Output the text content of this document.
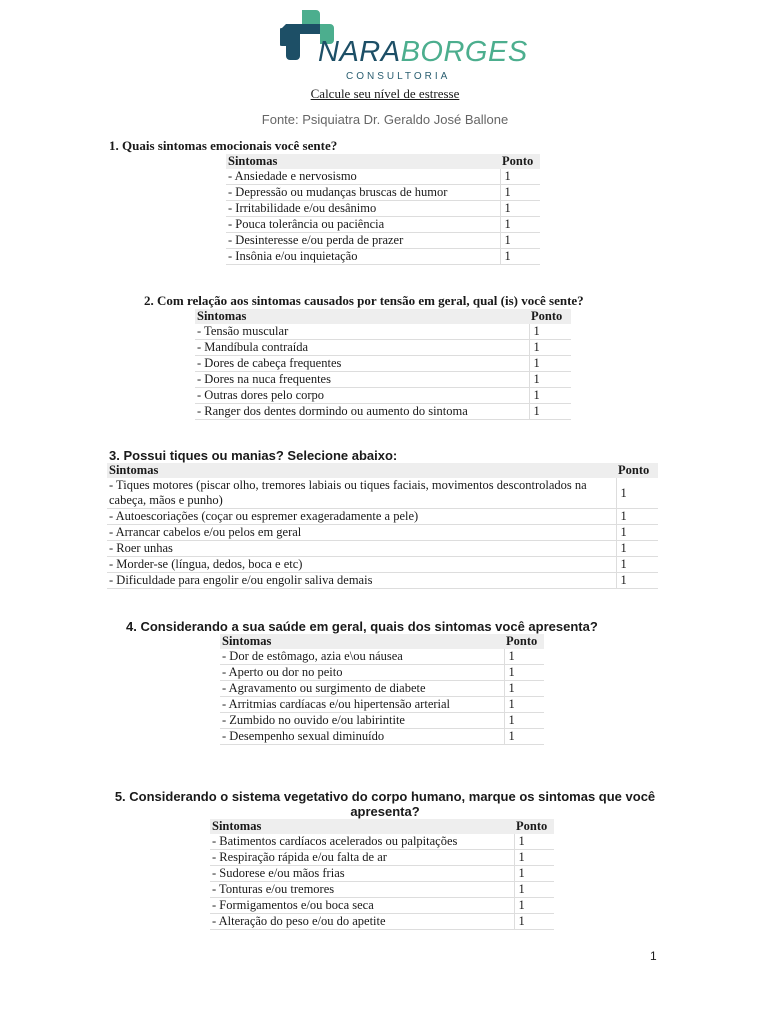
NARABORGES
CONSULTORIA
Calcule seu nível de estresse
Fonte: Psiquiatra Dr. Geraldo José Ballone
1. Quais sintomas emocionais você sente?
Sintomas	Ponto
- Ansiedade e nervosismo	1
- Depressão ou mudanças bruscas de humor	1
- Irritabilidade e/ou desânimo	1
- Pouca tolerância ou paciência	1
- Desinteresse e/ou perda de prazer	1
- Insônia e/ou inquietação	1
2. Com relação aos sintomas causados por tensão em geral, qual (is) você sente?
Sintomas	Ponto
- Tensão muscular	1
- Mandíbula contraída	1
- Dores de cabeça frequentes	1
- Dores na nuca frequentes	1
- Outras dores pelo corpo	1
- Ranger dos dentes dormindo ou aumento do sintoma	1
3. Possui tiques ou manias? Selecione abaixo:
Sintomas	Ponto
- Tiques motores (piscar olho, tremores labiais ou tiques faciais, movimentos descontrolados na cabeça, mãos e punho)	1
- Autoescoriações (coçar ou espremer exageradamente a pele)	1
- Arrancar cabelos e/ou pelos em geral	1
- Roer unhas	1
- Morder-se (língua, dedos, boca e etc)	1
- Dificuldade para engolir e/ou engolir saliva demais	1
4. Considerando a sua saúde em geral, quais dos sintomas você apresenta?
Sintomas	Ponto
- Dor de estômago, azia e\ou náusea	1
- Aperto ou dor no peito	1
- Agravamento ou surgimento de diabete	1
- Arritmias cardíacas e/ou hipertensão arterial	1
- Zumbido no ouvido e/ou labirintite	1
- Desempenho sexual diminuído	1
5. Considerando o sistema vegetativo do corpo humano, marque os sintomas que você apresenta?
Sintomas	Ponto
- Batimentos cardíacos acelerados ou palpitações	1
- Respiração rápida e/ou falta de ar	1
- Sudorese e/ou mãos frias	1
- Tonturas e/ou tremores	1
- Formigamentos e/ou boca seca	1
- Alteração do peso e/ou do apetite	1
1
